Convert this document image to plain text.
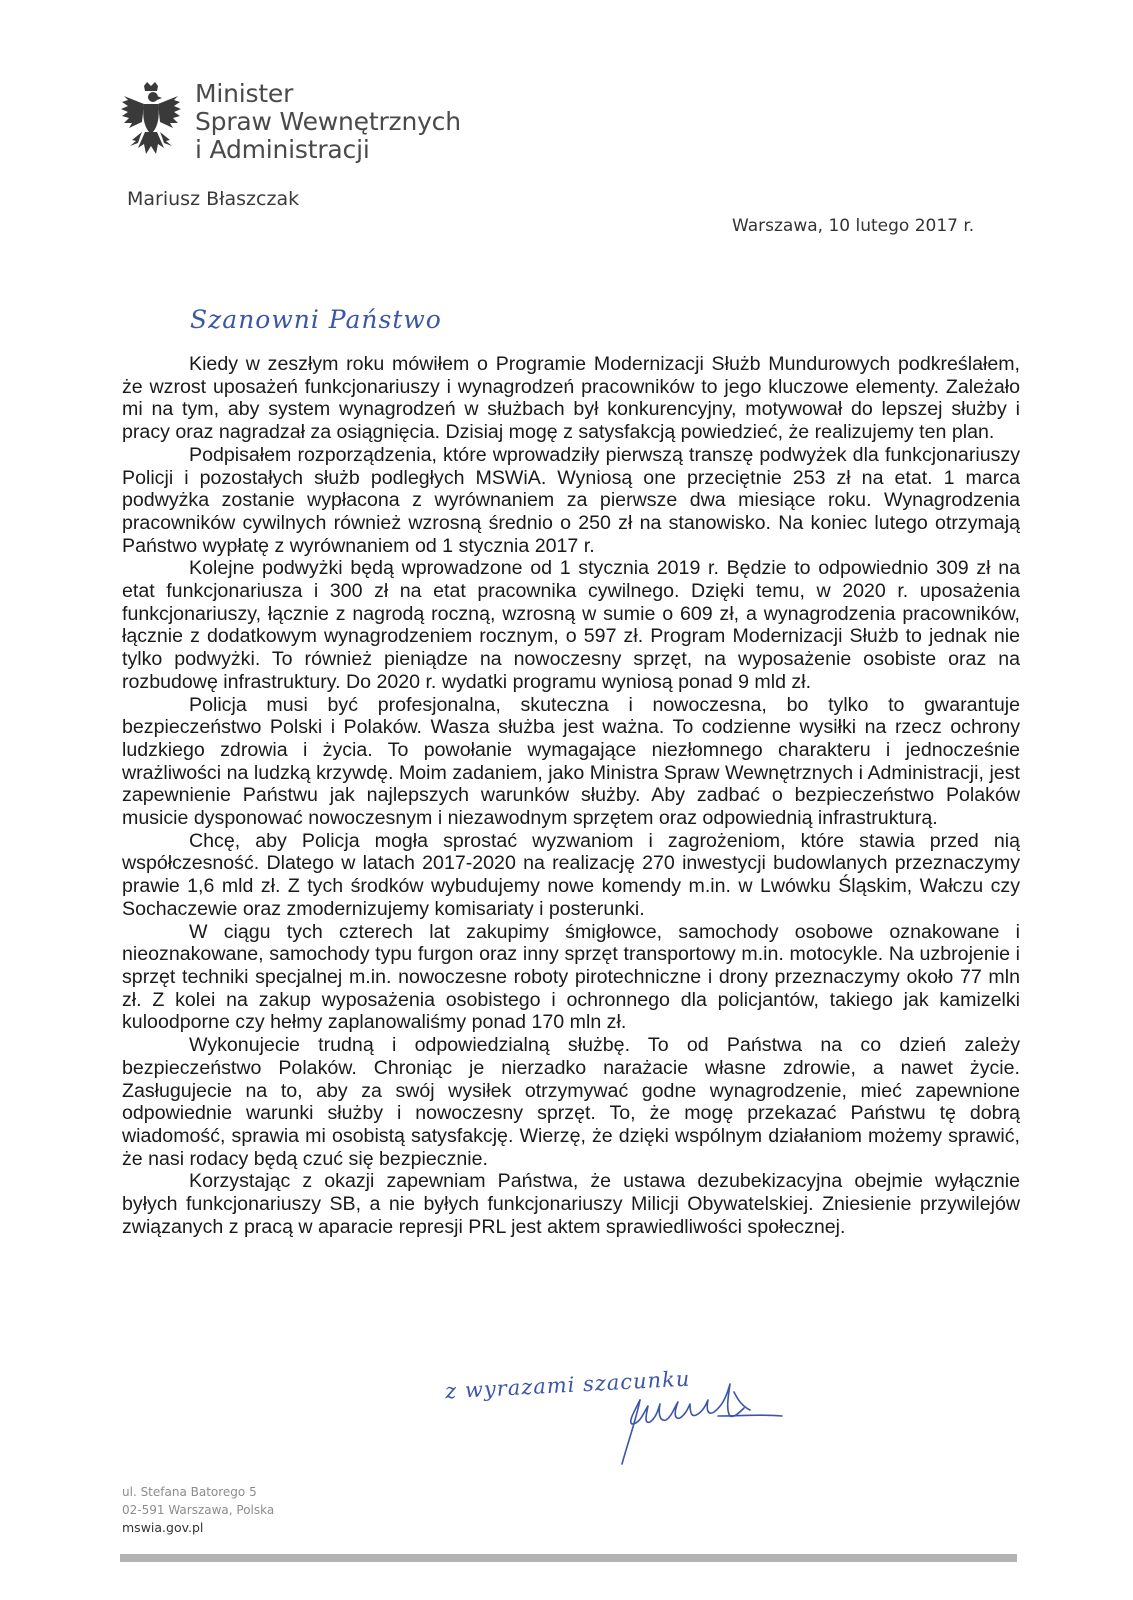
Minister
Spraw Wewnętrznych
i Administracji
Mariusz Błaszczak
Warszawa, 10 lutego 2017 r.
Szanowni Państwo

Kiedy w zeszłym roku mówiłem o Programie Modernizacji Służb Mundurowych podkreślałem, że wzrost uposażeń funkcjonariuszy i wynagrodzeń pracowników to jego kluczowe elementy. Zależało mi na tym, aby system wynagrodzeń w służbach był konkurencyjny, motywował do lepszej służby i pracy oraz nagradzał za osiągnięcia. Dzisiaj mogę z satysfakcją powiedzieć, że realizujemy ten plan.

Podpisałem rozporządzenia, które wprowadziły pierwszą transzę podwyżek dla funkcjonariuszy Policji i pozostałych służb podległych MSWiA. Wyniosą one przeciętnie 253 zł na etat. 1 marca podwyżka zostanie wypłacona z wyrównaniem za pierwsze dwa miesiące roku. Wynagrodzenia pracowników cywilnych również wzrosną średnio o 250 zł na stanowisko. Na koniec lutego otrzymają Państwo wypłatę z wyrównaniem od 1 stycznia 2017 r.

Kolejne podwyżki będą wprowadzone od 1 stycznia 2019 r. Będzie to odpowiednio 309 zł na etat funkcjonariusza i 300 zł na etat pracownika cywilnego. Dzięki temu, w 2020 r. uposażenia funkcjonariuszy, łącznie z nagrodą roczną, wzrosną w sumie o 609 zł, a wynagrodzenia pracowników, łącznie z dodatkowym wynagrodzeniem rocznym, o 597 zł. Program Modernizacji Służb to jednak nie tylko podwyżki. To również pieniądze na nowoczesny sprzęt, na wyposażenie osobiste oraz na rozbudowę infrastruktury. Do 2020 r. wydatki programu wyniosą ponad 9 mld zł.

Policja musi być profesjonalna, skuteczna i nowoczesna, bo tylko to gwarantuje bezpieczeństwo Polski i Polaków. Wasza służba jest ważna. To codzienne wysiłki na rzecz ochrony ludzkiego zdrowia i życia. To powołanie wymagające niezłomnego charakteru i jednocześnie wrażliwości na ludzką krzywdę. Moim zadaniem, jako Ministra Spraw Wewnętrznych i Administracji, jest zapewnienie Państwu jak najlepszych warunków służby. Aby zadbać o bezpieczeństwo Polaków musicie dysponować nowoczesnym i niezawodnym sprzętem oraz odpowiednią infrastrukturą.

Chcę, aby Policja mogła sprostać wyzwaniom i zagrożeniom, które stawia przed nią współczesność. Dlatego w latach 2017-2020 na realizację 270 inwestycji budowlanych przeznaczymy prawie 1,6 mld zł. Z tych środków wybudujemy nowe komendy m.in. w Lwówku Śląskim, Wałczu czy Sochaczewie oraz zmodernizujemy komisariaty i posterunki.

W ciągu tych czterech lat zakupimy śmigłowce, samochody osobowe oznakowane i nieoznakowane, samochody typu furgon oraz inny sprzęt transportowy m.in. motocykle. Na uzbrojenie i sprzęt techniki specjalnej m.in. nowoczesne roboty pirotechniczne i drony przeznaczymy około 77 mln zł. Z kolei na zakup wyposażenia osobistego i ochronnego dla policjantów, takiego jak kamizelki kuloodporne czy hełmy zaplanowaliśmy ponad 170 mln zł.

Wykonujecie trudną i odpowiedzialną służbę. To od Państwa na co dzień zależy bezpieczeństwo Polaków. Chroniąc je nierzadko narażacie własne zdrowie, a nawet życie. Zasługujecie na to, aby za swój wysiłek otrzymywać godne wynagrodzenie, mieć zapewnione odpowiednie warunki służby i nowoczesny sprzęt. To, że mogę przekazać Państwu tę dobrą wiadomość, sprawia mi osobistą satysfakcję. Wierzę, że dzięki wspólnym działaniom możemy sprawić, że nasi rodacy będą czuć się bezpiecznie.

Korzystając z okazji zapewniam Państwa, że ustawa dezubekizacyjna obejmie wyłącznie byłych funkcjonariuszy SB, a nie byłych funkcjonariuszy Milicji Obywatelskiej. Zniesienie przywilejów związanych z pracą w aparacie represji PRL jest aktem sprawiedliwości społecznej.

z wyrazami szacunku
ul. Stefana Batorego 5
02-591 Warszawa, Polska
mswia.gov.pl
